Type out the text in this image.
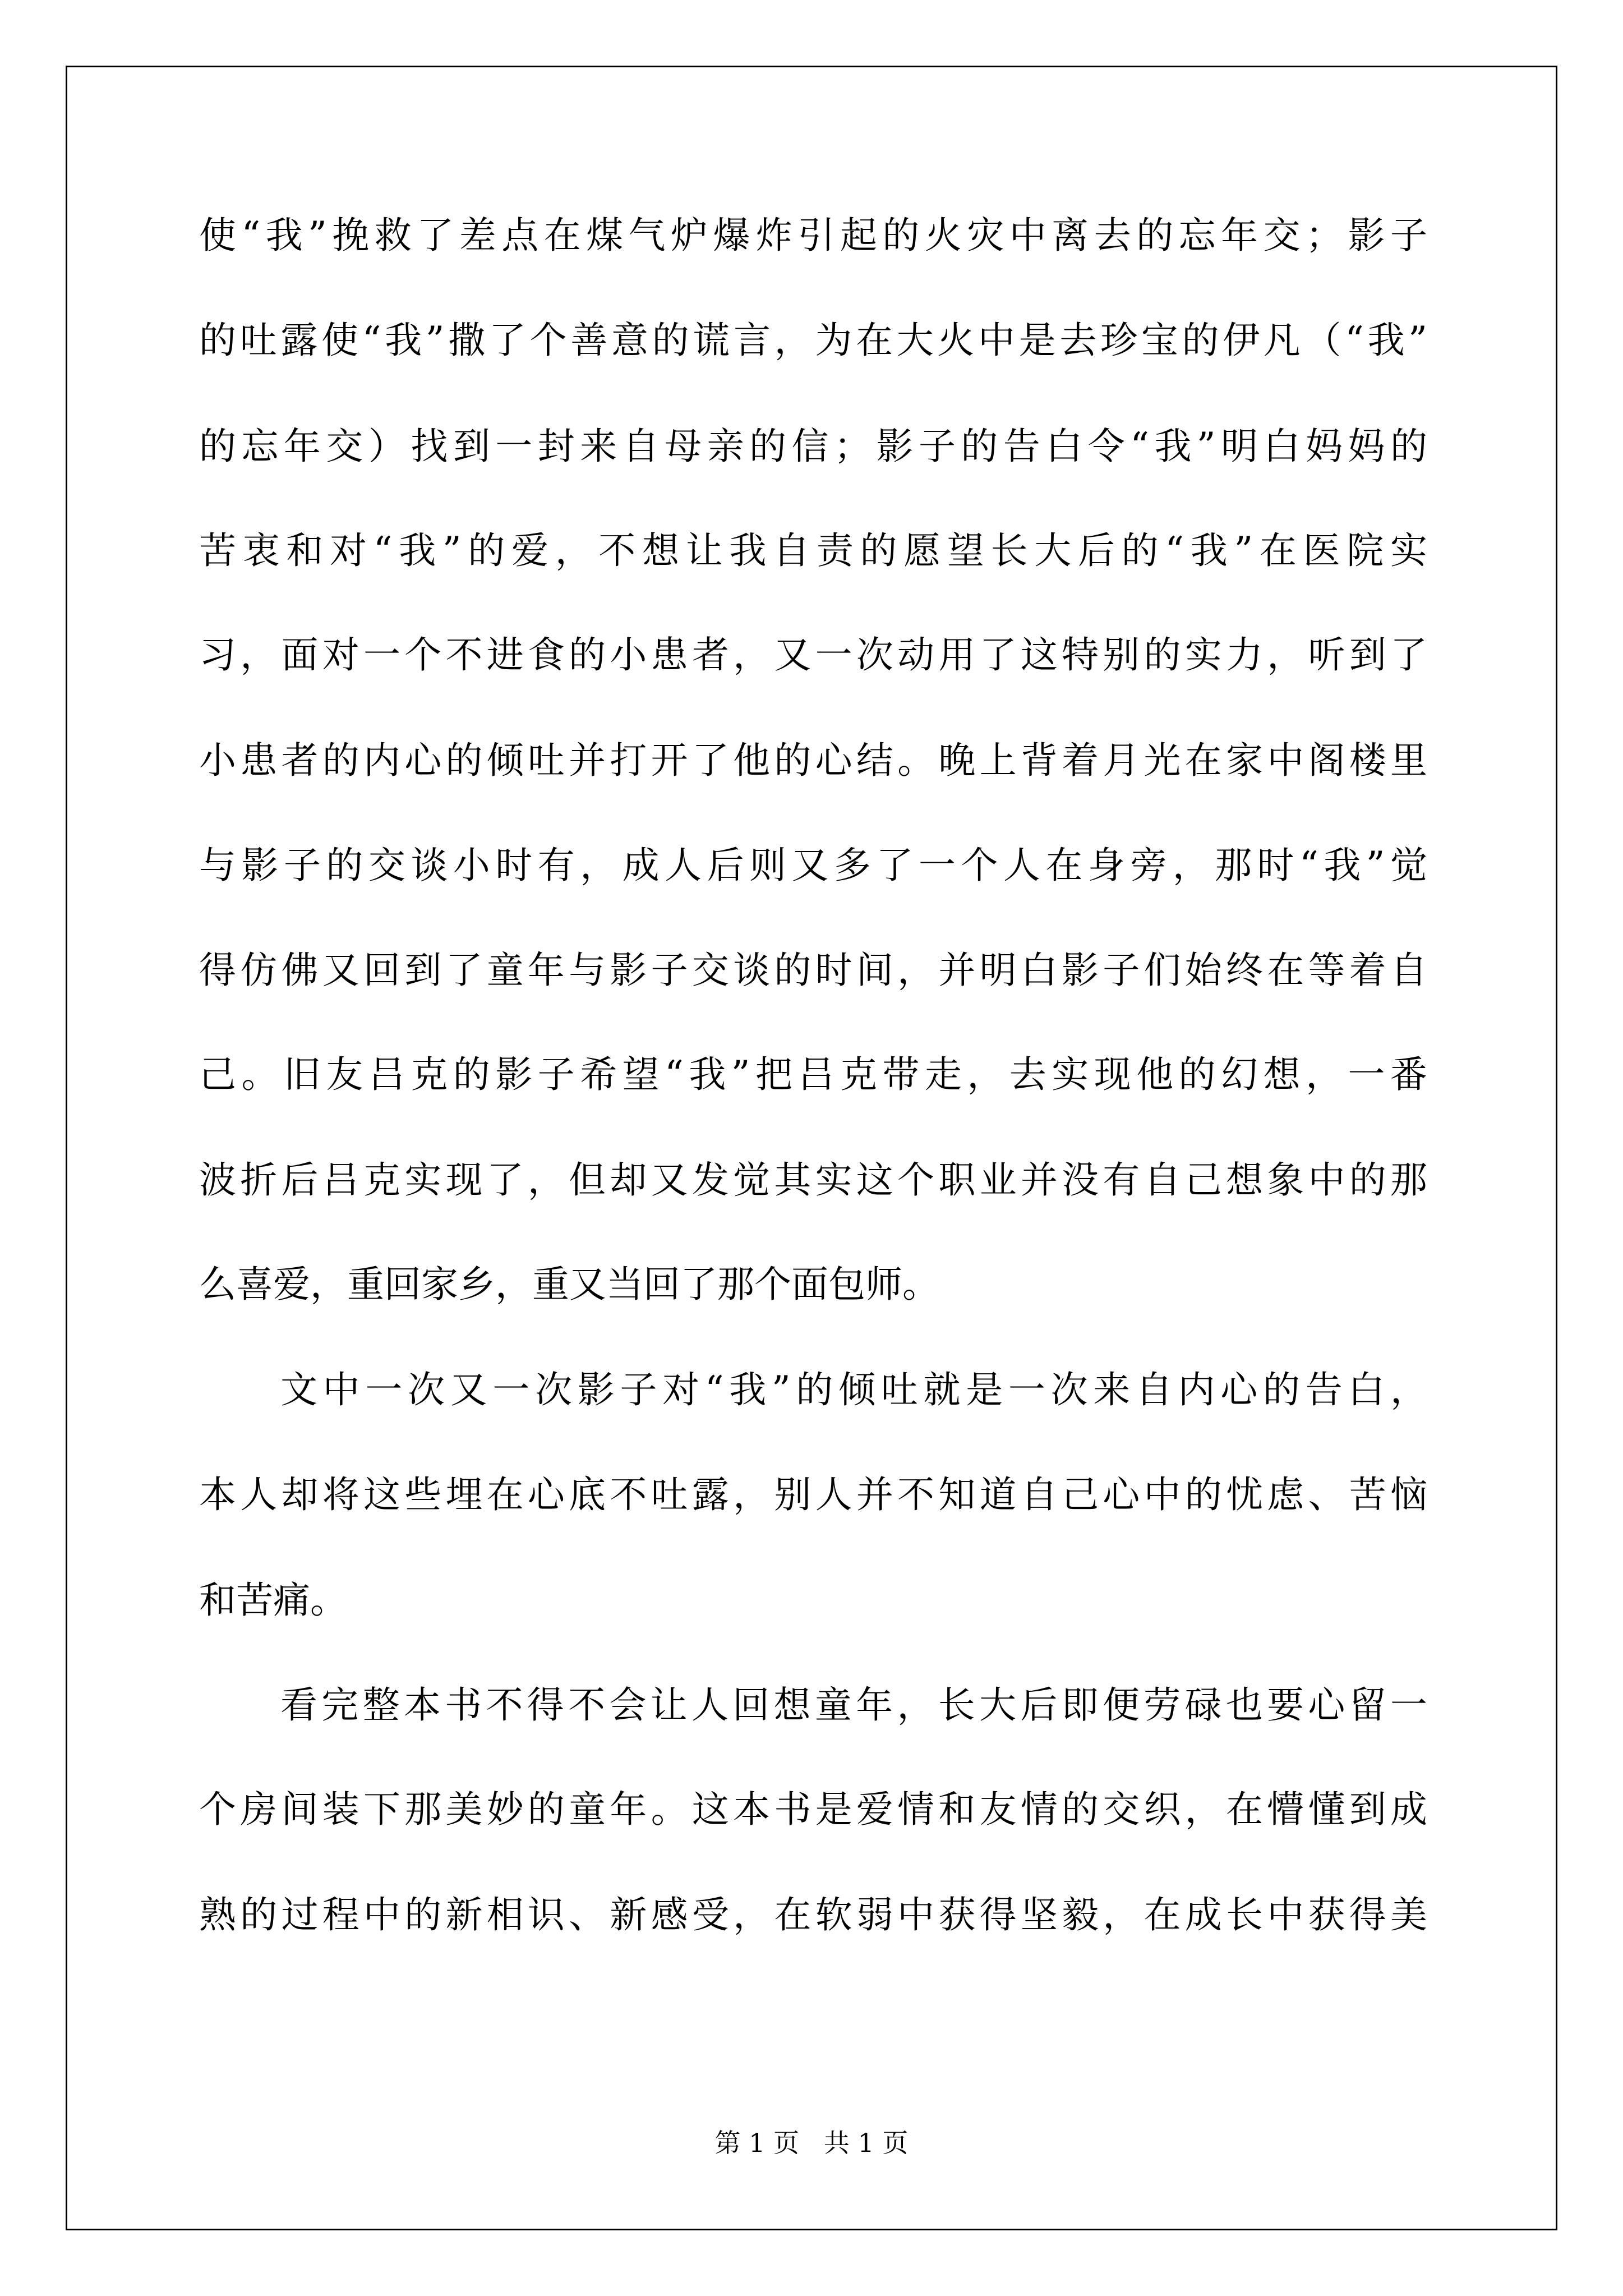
使“我”挽救了差点在煤气炉爆炸引起的火灾中离去的忘年交；影子
的吐露使“我”撒了个善意的谎言，为在大火中是去珍宝的伊凡（“我”
的忘年交）找到一封来自母亲的信；影子的告白令“我”明白妈妈的
苦衷和对“我”的爱，不想让我自责的愿望长大后的“我”在医院实
习，面对一个不进食的小患者，又一次动用了这特别的实力，听到了
小患者的内心的倾吐并打开了他的心结。晚上背着月光在家中阁楼里
与影子的交谈小时有，成人后则又多了一个人在身旁，那时“我”觉
得仿佛又回到了童年与影子交谈的时间，并明白影子们始终在等着自
己。旧友吕克的影子希望“我”把吕克带走，去实现他的幻想，一番
波折后吕克实现了，但却又发觉其实这个职业并没有自己想象中的那
么喜爱，重回家乡，重又当回了那个面包师。
文中一次又一次影子对“我”的倾吐就是一次来自内心的告白，
本人却将这些埋在心底不吐露，别人并不知道自己心中的忧虑、苦恼
和苦痛。
看完整本书不得不会让人回想童年，长大后即便劳碌也要心留一
个房间装下那美妙的童年。这本书是爱情和友情的交织，在懵懂到成
熟的过程中的新相识、新感受，在软弱中获得坚毅，在成长中获得美
第 1 页   共 1 页
